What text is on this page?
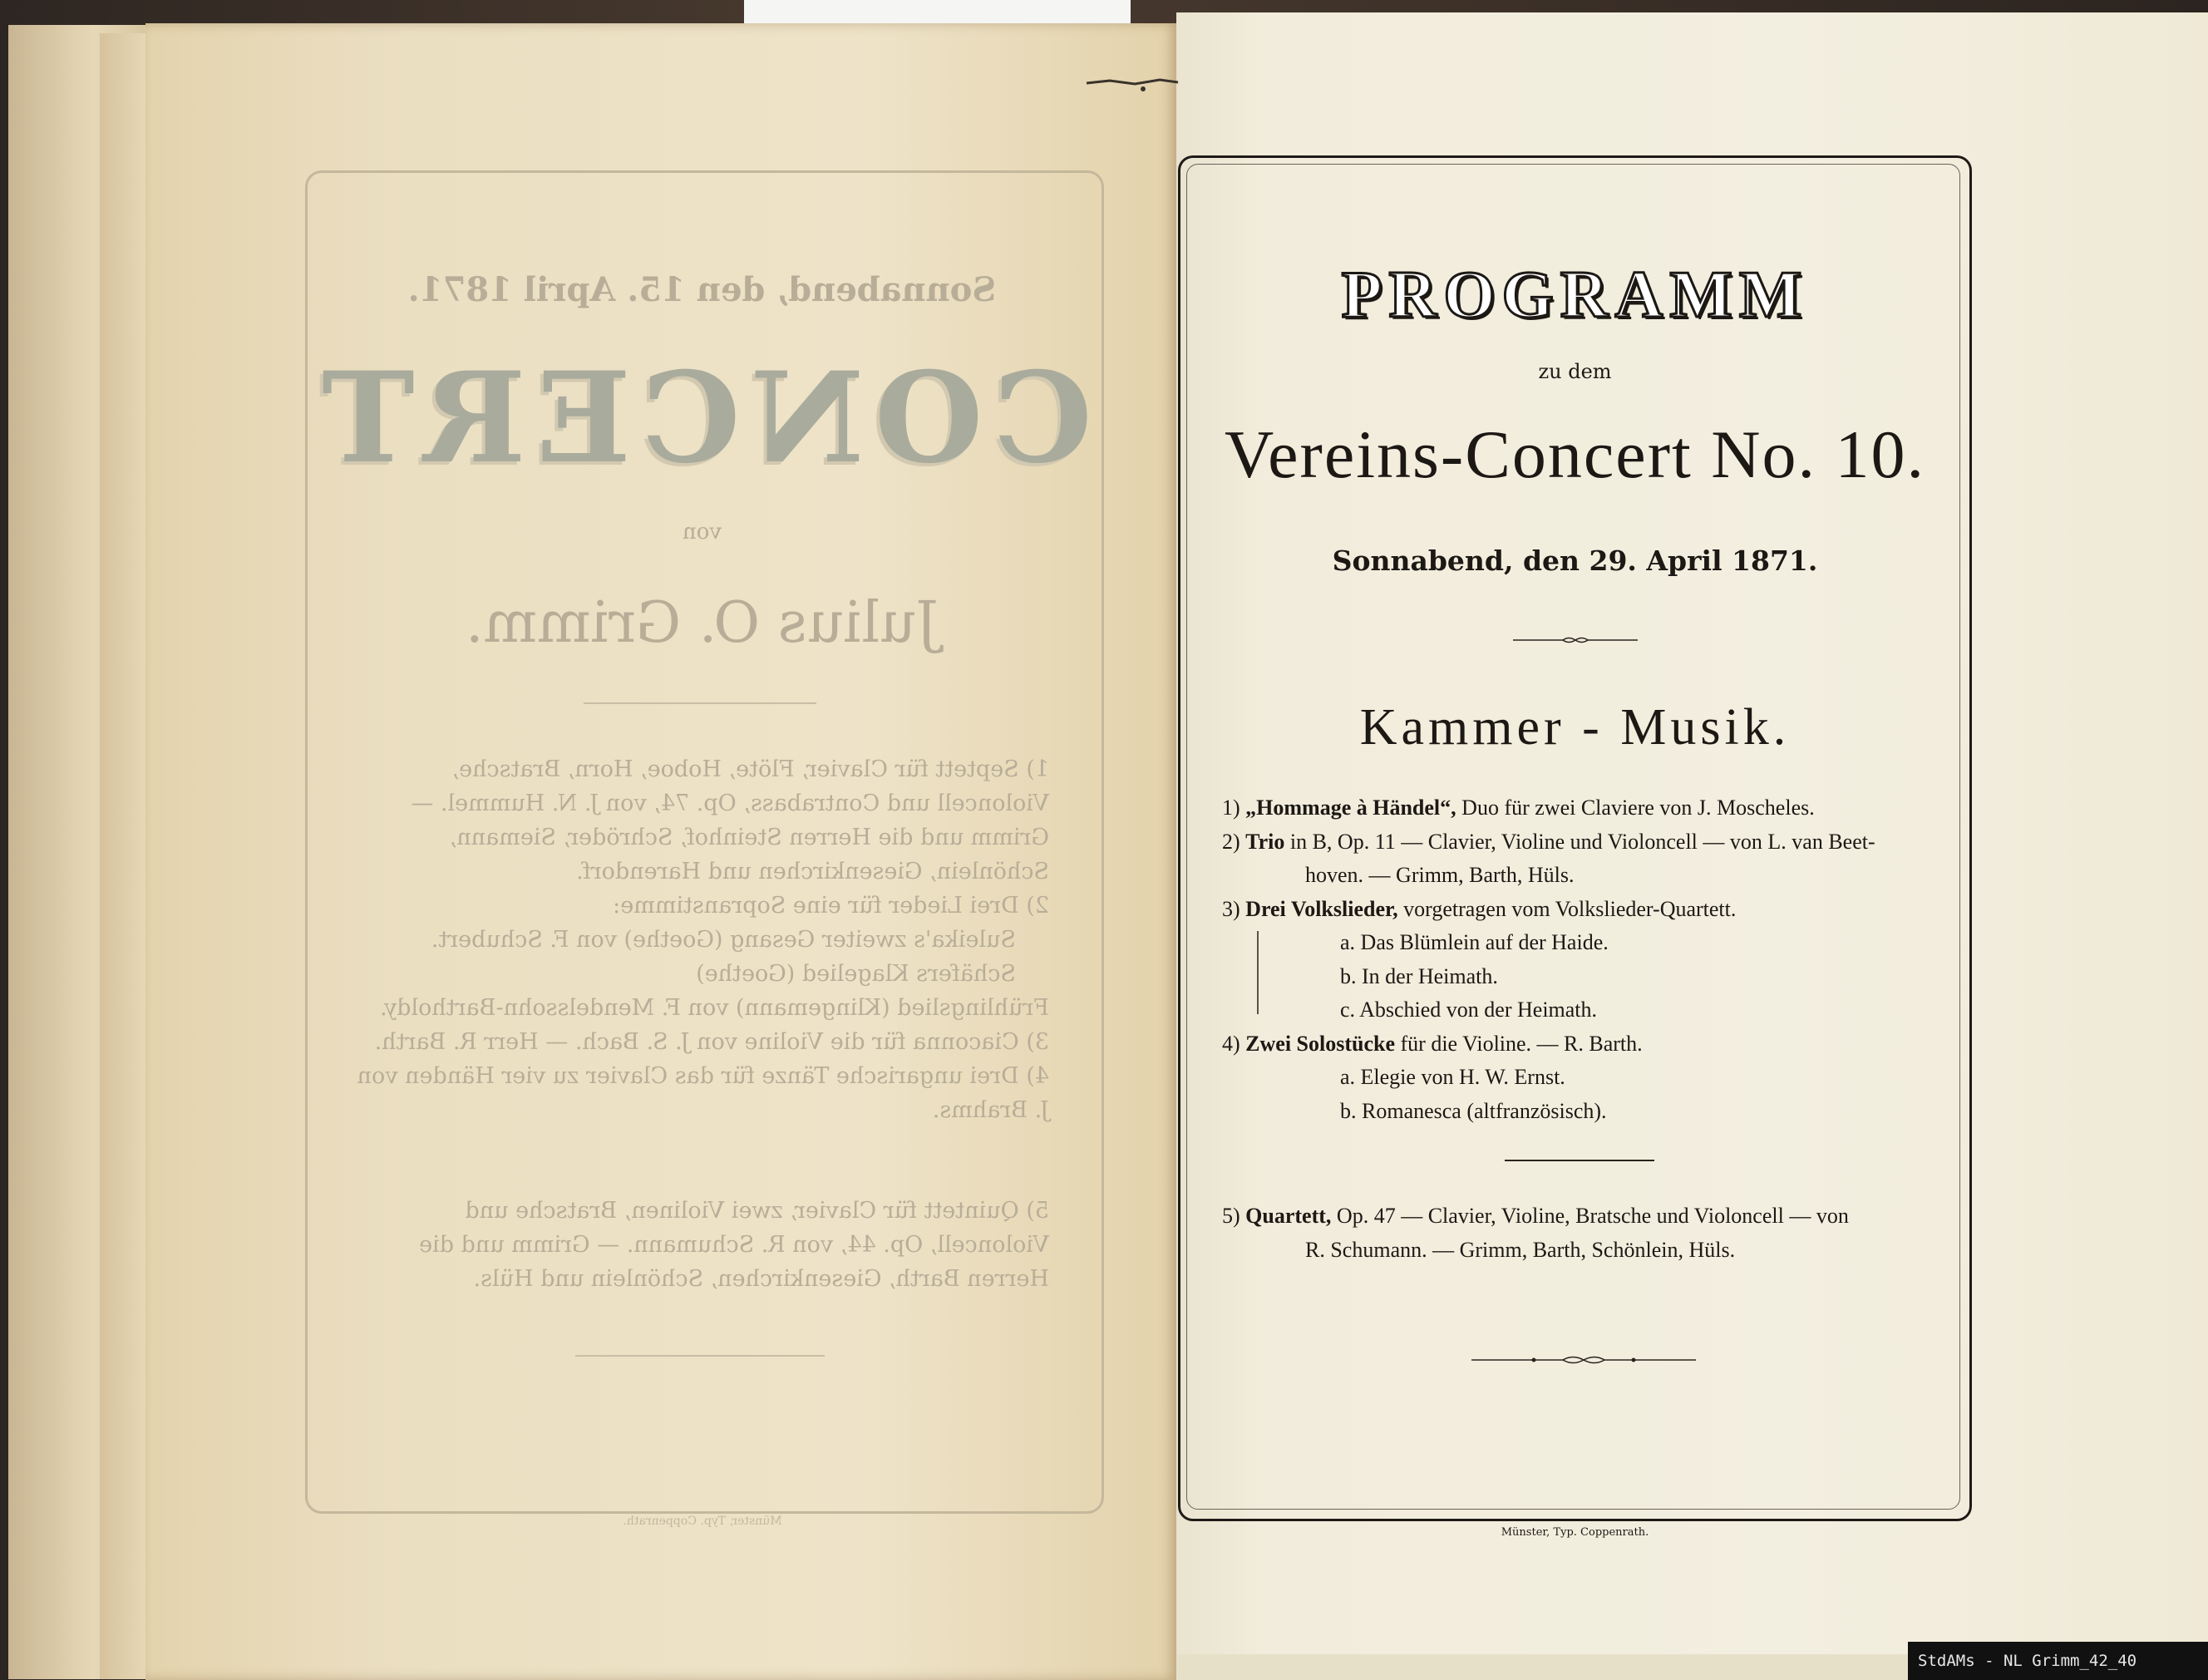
Sonnabend, den 15. April 1871.
CONCERT
von
Julius O. Grimm.

1) Septett für Clavier, Flöte, Hoboe, Horn, Bratsche, Violoncell und Contrabass, Op. 74, von J. N. Hummel. — Grimm und die Herren Steinhof, Schröder, Siemann, Schönlein, Giesenkirchen und Harendorf.

2) Drei Lieder für eine Sopranstimme:

Suleika's zweiter Gesang (Goethe)

Schäfers Klagelied (Goethe)

von F. Schubert.

Frühlingslied (Klingemann) von F. Mendelssohn-Bartholdy.

3) Ciaconna für die Violine von J. S. Bach. — Herr R. Barth.

4) Drei ungarische Tänze für das Clavier zu vier Händen von J. Brahms.

5) Quintett für Clavier, zwei Violinen, Bratsche und Violoncell, Op. 44, von R. Schumann. — Grimm und die Herren Barth, Giesenkirchen, Schönlein und Hüls.

Münster, Typ. Coppenrath.
PROGRAMM
zu dem
Vereins-Concert No. 10.
Sonnabend, den 29. April 1871.
Kammer - Musik.
1) „Hommage à Händel“, Duo für zwei Claviere von J. Moscheles.
2) Trio in B, Op. 11 — Clavier, Violine und Violoncell — von L. van Beet-
hoven. — Grimm, Barth, Hüls.
3) Drei Volkslieder, vorgetragen vom Volkslieder-Quartett.
a. Das Blümlein auf der Haide.
b. In der Heimath.
c. Abschied von der Heimath.
4) Zwei Solostücke für die Violine. — R. Barth.
a. Elegie von H. W. Ernst.
b. Romanesca (altfranzösisch).
5) Quartett, Op. 47 — Clavier, Violine, Bratsche und Violoncell — von
R. Schumann. — Grimm, Barth, Schönlein, Hüls.
Münster, Typ. Coppenrath.
StdAMs - NL Grimm_42_40
